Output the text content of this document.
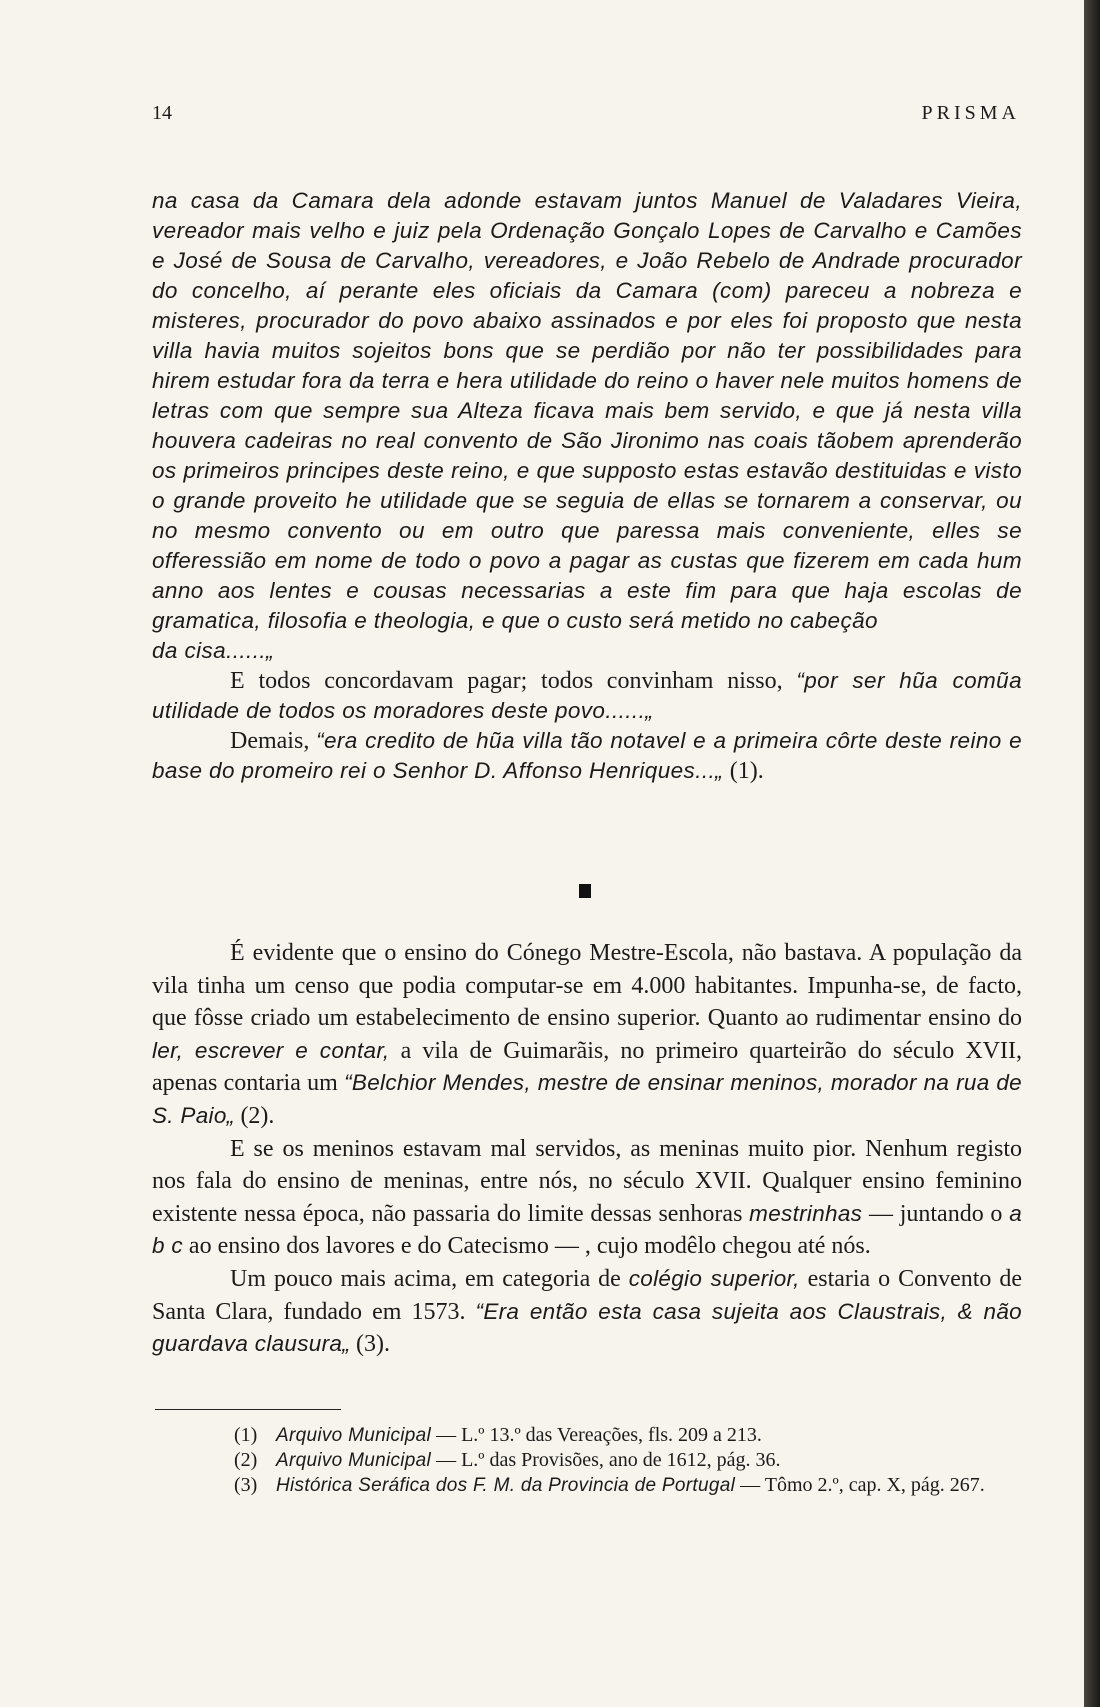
14	PRISMA

na casa da Camara dela adonde estavam juntos Manuel de Valadares Vieira, vereador mais velho e juiz pela Ordenação Gonçalo Lopes de Carvalho e Camões e José de Sousa de Carvalho, vereadores, e João Rebelo de Andrade procurador do concelho, aí perante eles oficiais da Camara (com) pareceu a nobreza e misteres, procurador do povo abaixo assinados e por eles foi proposto que nesta villa havia muitos sojeitos bons que se perdião por não ter possibilidades para hirem estudar fora da terra e hera utilidade do reino o haver nele muitos homens de letras com que sempre sua Alteza ficava mais bem servido, e que já nesta villa houvera cadeiras no real convento de São Jironimo nas coais tãobem aprenderão os primeiros principes deste reino, e que supposto estas estavão destituidas e visto o grande proveito he utilidade que se seguia de ellas se tornarem a conservar, ou no mesmo convento ou em outro que paressa mais conveniente, elles se offeressião em nome de todo o povo a pagar as custas que fizerem em cada hum anno aos lentes e cousas necessarias a este fim para que haja escolas de gramatica, filosofia e theologia, e que o custo será metido no cabeção

da cisa......„

E todos concordavam pagar; todos convinham nisso, “por ser hũa comũa utilidade de todos os moradores deste povo......„

Demais, “era credito de hũa villa tão notavel e a primeira côrte deste reino e base do promeiro rei o Senhor D. Affonso Henriques...„ (1).

É evidente que o ensino do Cónego Mestre-Escola, não bastava. A população da vila tinha um censo que podia computar-se em 4.000 habitantes. Impunha-se, de facto, que fôsse criado um estabelecimento de ensino superior. Quanto ao rudimentar ensino do ler, escrever e contar, a vila de Guimarãis, no primeiro quarteirão do século XVII, apenas contaria um “Belchior Mendes, mestre de ensinar meninos, morador na rua de S. Paio„ (2).

E se os meninos estavam mal servidos, as meninas muito pior. Nenhum registo nos fala do ensino de meninas, entre nós, no século XVII. Qualquer ensino feminino existente nessa época, não passaria do limite dessas senhoras mestrinhas — juntando o a b c ao ensino dos lavores e do Catecismo — , cujo modêlo chegou até nós.

Um pouco mais acima, em categoria de colégio superior, estaria o Convento de Santa Clara, fundado em 1573. “Era então esta casa sujeita aos Claustrais, & não guardava clausura„ (3).

(1) Arquivo Municipal — L.º 13.º das Vereações, fls. 209 a 213.

(2) Arquivo Municipal — L.º das Provisões, ano de 1612, pág. 36.

(3) Histórica Seráfica dos F. M. da Provincia de Portugal — Tômo 2.º, cap. X, pág. 267.
